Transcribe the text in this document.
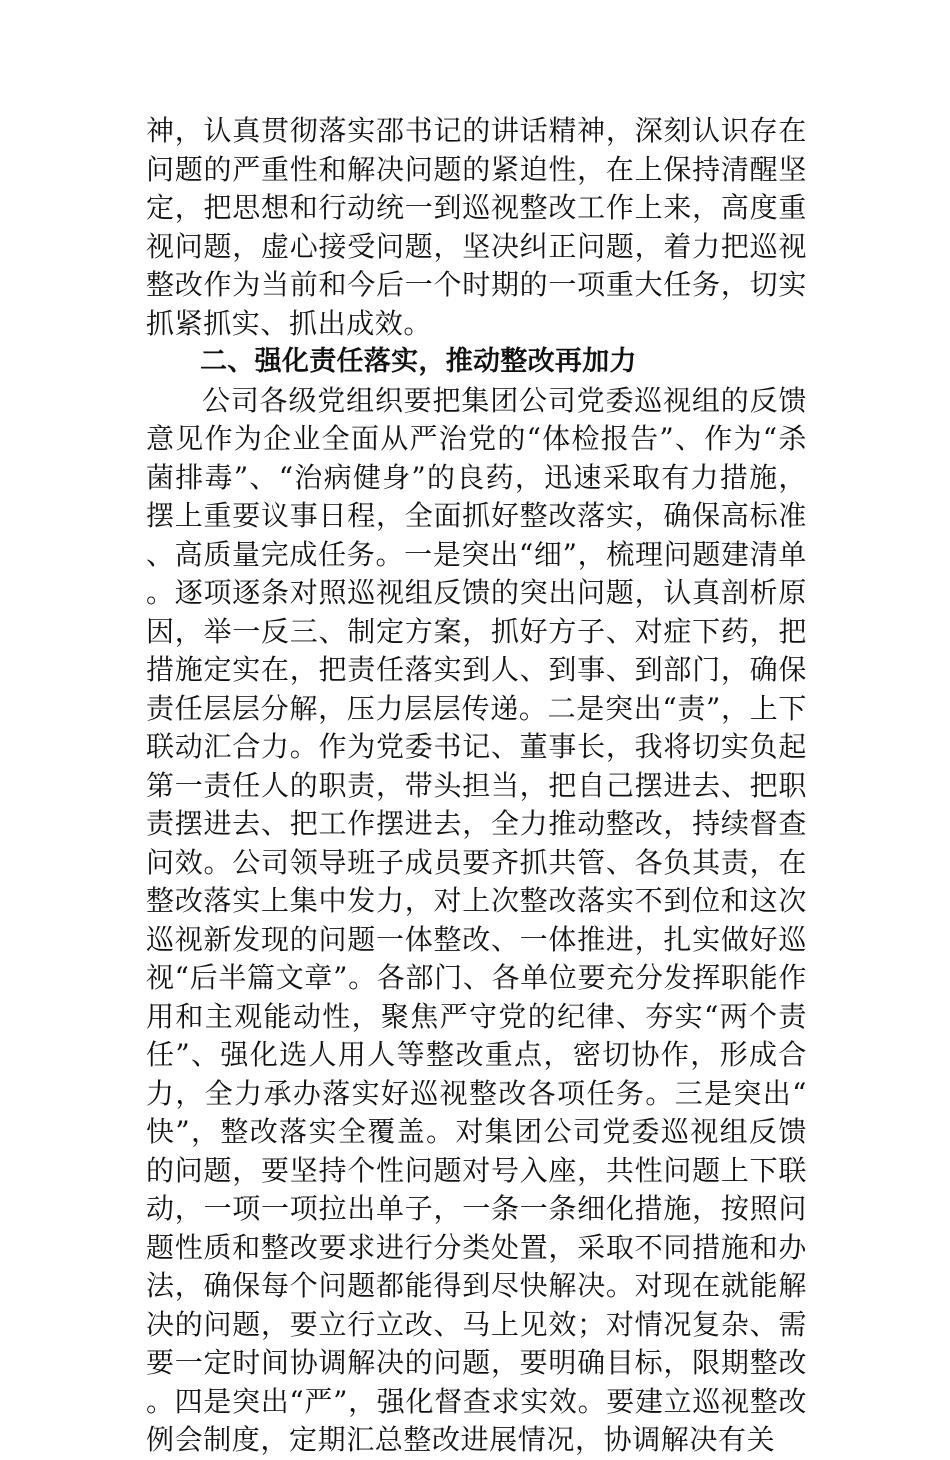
神，认真贯彻落实邵书记的讲话精神，深刻认识存在问题的严重性和解决问题的紧迫性，在上保持清醒坚定，把思想和行动统一到巡视整改工作上来，高度重视问题，虚心接受问题，坚决纠正问题，着力把巡视整改作为当前和今后一个时期的一项重大任务，切实抓紧抓实、抓出成效。

二、强化责任落实，推动整改再加力

公司各级党组织要把集团公司党委巡视组的反馈意见作为企业全面从严治党的“体检报告”、作为“杀菌排毒”、“治病健身”的良药，迅速采取有力措施，摆上重要议事日程，全面抓好整改落实，确保高标准、高质量完成任务。一是突出“细”，梳理问题建清单。逐项逐条对照巡视组反馈的突出问题，认真剖析原因，举一反三、制定方案，抓好方子、对症下药，把措施定实在，把责任落实到人、到事、到部门，确保责任层层分解，压力层层传递。二是突出“责”，上下联动汇合力。作为党委书记、董事长，我将切实负起第一责任人的职责，带头担当，把自己摆进去、把职责摆进去、把工作摆进去，全力推动整改，持续督查问效。公司领导班子成员要齐抓共管、各负其责，在整改落实上集中发力，对上次整改落实不到位和这次巡视新发现的问题一体整改、一体推进，扎实做好巡视“后半篇文章”。各部门、各单位要充分发挥职能作用和主观能动性，聚焦严守党的纪律、夯实“两个责任”、强化选人用人等整改重点，密切协作，形成合力，全力承办落实好巡视整改各项任务。三是突出“快”，整改落实全覆盖。对集团公司党委巡视组反馈的问题，要坚持个性问题对号入座，共性问题上下联动，一项一项拉出单子，一条一条细化措施，按照问题性质和整改要求进行分类处置，采取不同措施和办法，确保每个问题都能得到尽快解决。对现在就能解决的问题，要立行立改、马上见效；对情况复杂、需要一定时间协调解决的问题，要明确目标，限期整改。四是突出“严”，强化督查求实效。要建立巡视整改例会制度，定期汇总整改进展情况，协调解决有关
